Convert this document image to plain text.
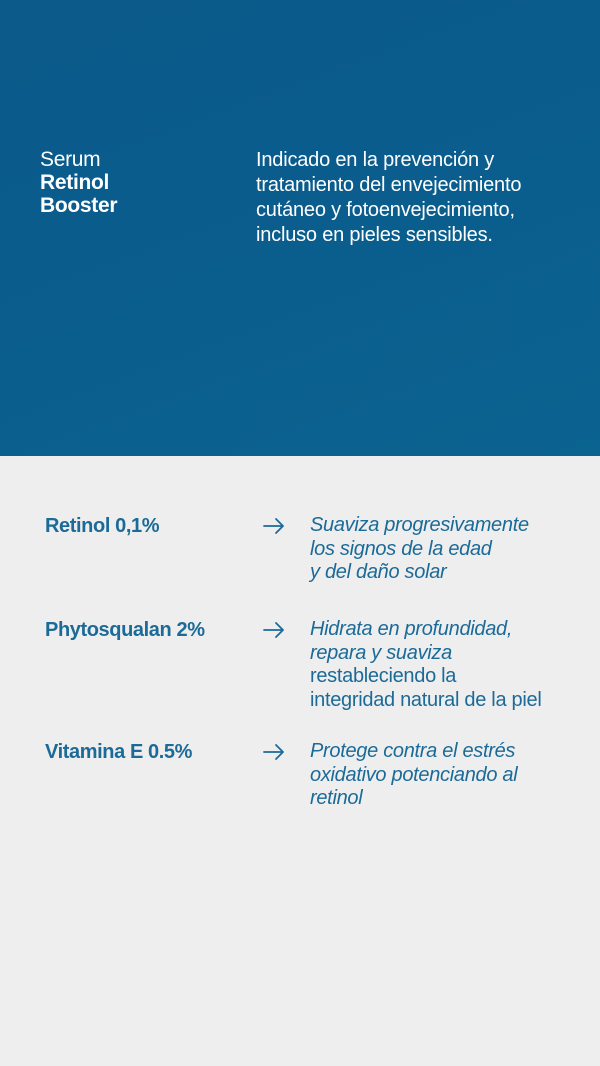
Serum
Retinol
Booster
Indicado en la prevención y
tratamiento del envejecimiento
cutáneo y fotoenvejecimiento,
incluso en pieles sensibles.
Retinol 0,1%	Suaviza progresivamente
los signos de la edad
y del daño solar
Phytosqualan 2%	Hidrata en profundidad,
repara y suaviza
restableciendo la
integridad natural de la piel
Vitamina E 0.5%	Protege contra el estrés
oxidativo potenciando al
retinol
